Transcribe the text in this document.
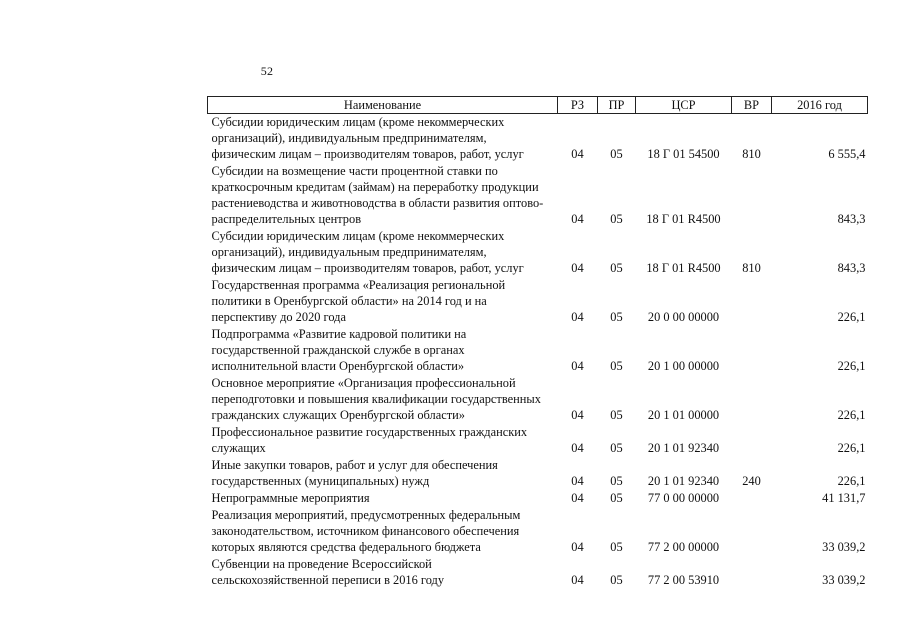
52
Наименование	РЗ	ПР	ЦСР	ВР	2016 год
Субсидии юридическим лицам (кроме некоммерческих организаций), индивидуальным предпринимателям, физическим лицам – производителям товаров, работ, услуг	04	05	18 Г 01 54500	810	6 555,4
Субсидии на возмещение части процентной ставки по краткосрочным кредитам (займам) на переработку продукции растениеводства и животноводства в области развития оптово-распределительных центров	04	05	18 Г 01 R4500		843,3
Субсидии юридическим лицам (кроме некоммерческих организаций), индивидуальным предпринимателям, физическим лицам – производителям товаров, работ, услуг	04	05	18 Г 01 R4500	810	843,3
Государственная программа «Реализация региональной политики в Оренбургской области» на 2014 год и на перспективу до 2020 года	04	05	20 0 00 00000		226,1
Подпрограмма «Развитие кадровой политики на государственной гражданской службе в органах исполнительной власти Оренбургской области»	04	05	20 1 00 00000		226,1
Основное мероприятие «Организация профессиональной переподготовки и повышения квалификации государственных гражданских служащих Оренбургской области»	04	05	20 1 01 00000		226,1
Профессиональное развитие государственных гражданских служащих	04	05	20 1 01 92340		226,1
Иные закупки товаров, работ и услуг для обеспечения государственных (муниципальных) нужд	04	05	20 1 01 92340	240	226,1
Непрограммные мероприятия	04	05	77 0 00 00000		41 131,7
Реализация мероприятий, предусмотренных федеральным законодательством, источником финансового обеспечения которых являются средства федерального бюджета	04	05	77 2 00 00000		33 039,2
Субвенции на проведение Всероссийской сельскохозяйственной переписи в 2016 году	04	05	77 2 00 53910		33 039,2
